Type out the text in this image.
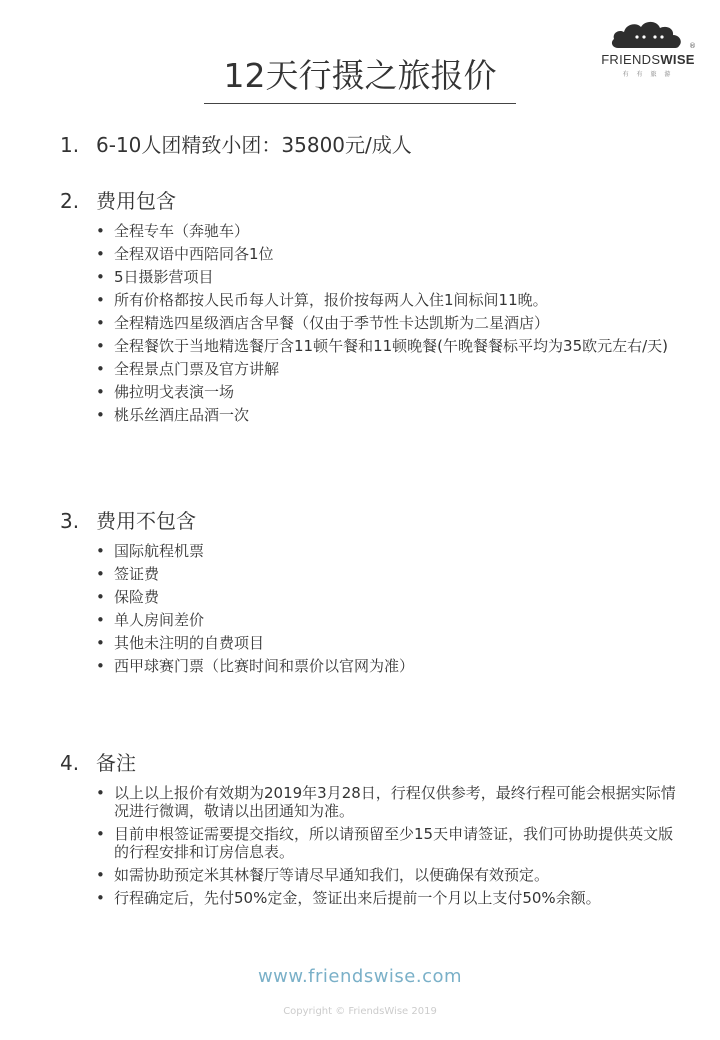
®
FRIENDSWISE
有 有 旅 游
12天行摄之旅报价
1. 6-10人团精致小团：35800元/成人
2. 费用包含
• 全程专车（奔驰车）
• 全程双语中西陪同各1位
• 5日摄影营项目
• 所有价格都按人民币每人计算，报价按每两人入住1间标间11晚。
• 全程精选四星级酒店含早餐（仅由于季节性卡达凯斯为二星酒店）
• 全程餐饮于当地精选餐厅含11顿午餐和11顿晚餐(午晚餐餐标平均为35欧元左右/天)
• 全程景点门票及官方讲解
• 佛拉明戈表演一场
• 桃乐丝酒庄品酒一次
3. 费用不包含
• 国际航程机票
• 签证费
• 保险费
• 单人房间差价
• 其他未注明的自费项目
• 西甲球赛门票（比赛时间和票价以官网为准）
4. 备注
• 以上以上报价有效期为2019年3月28日，行程仅供参考，最终行程可能会根据实际情况进行微调，敬请以出团通知为准。
• 目前申根签证需要提交指纹，所以请预留至少15天申请签证，我们可协助提供英文版的行程安排和订房信息表。
• 如需协助预定米其林餐厅等请尽早通知我们，以便确保有效预定。
• 行程确定后，先付50%定金，签证出来后提前一个月以上支付50%余额。
www.friendswise.com
Copyright © FriendsWise 2019
